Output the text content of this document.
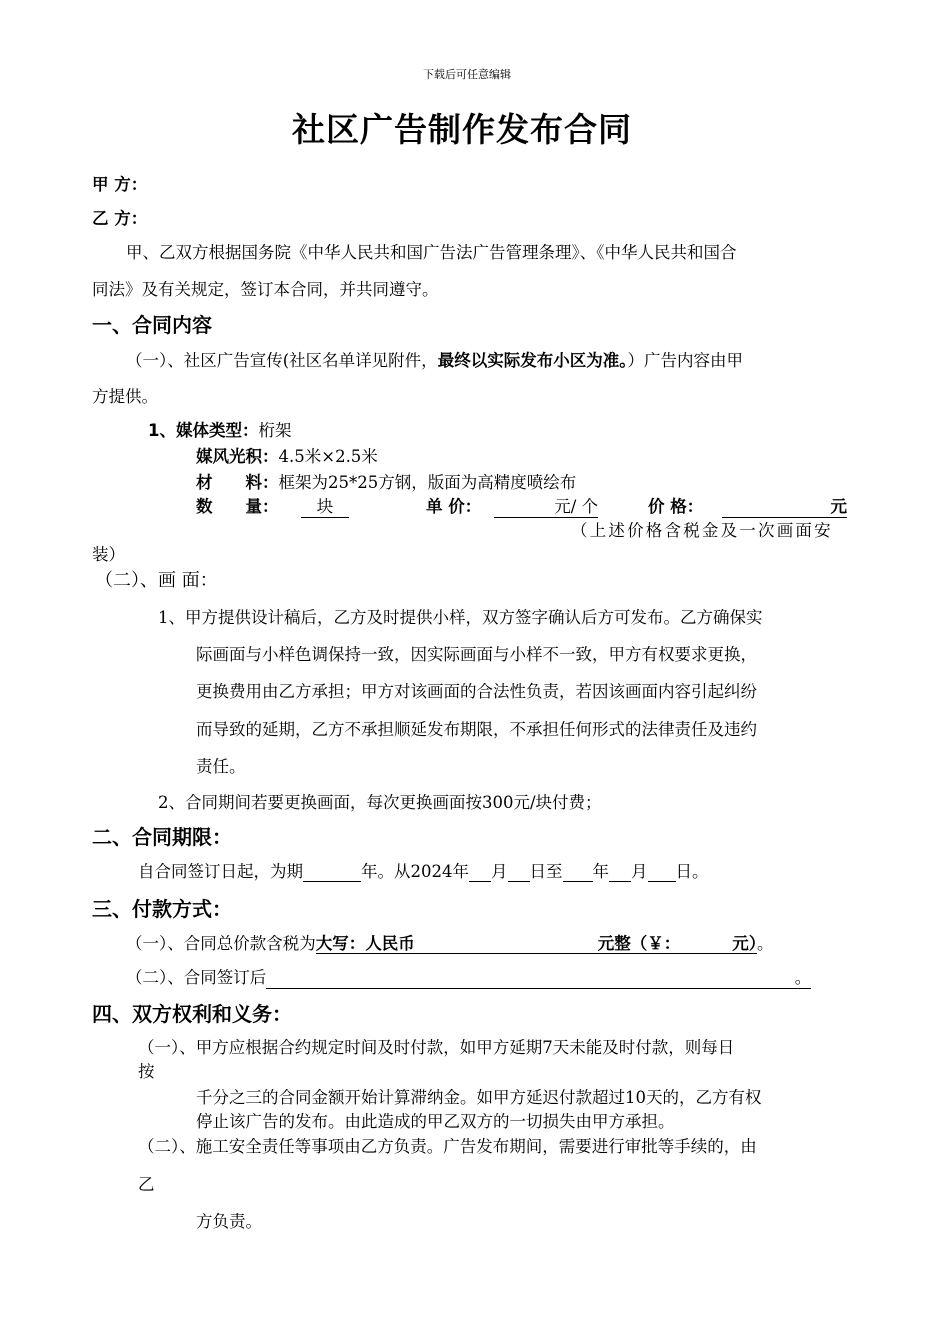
下载后可任意编辑
社区广告制作发布合同
甲 方：
乙 方：
甲、乙双方根据国务院《中华人民共和国广告法广告管理条理》、《中华人民共和国合
同法》及有关规定，签订本合同，并共同遵守。
一、合同内容
（一）、社区广告宣传(社区名单详见附件，最终以实际发布小区为准。）广告内容由甲
方提供。
1、媒体类型：桁架
媒风光积：4.5米×2.5米
材　　料：框架为25*25方钢，版面为高精度喷绘布
数　　量：	块	单 价：	元/ 个	价 格：	元
（上述价格含税金及一次画面安
装）
（二）、画 面：
1、甲方提供设计稿后，乙方及时提供小样，双方签字确认后方可发布。乙方确保实
际画面与小样色调保持一致，因实际画面与小样不一致，甲方有权要求更换，
更换费用由乙方承担；甲方对该画面的合法性负责，若因该画面内容引起纠纷
而导致的延期，乙方不承担顺延发布期限，不承担任何形式的法律责任及违约
责任。
2、合同期间若要更换画面，每次更换画面按300元/块付费；
二、合同期限：
自合同签订日起，为期	年。从2024年 月 日至 年 月 日。
三、付款方式：
（一）、合同总价款含税为大写：人民币	元整（￥：	元）。
（二）、合同签订后	。
四、双方权利和义务：
（一）、甲方应根据合约规定时间及时付款，如甲方延期7天未能及时付款，则每日
按
千分之三的合同金额开始计算滞纳金。如甲方延迟付款超过10天的，乙方有权
停止该广告的发布。由此造成的甲乙双方的一切损失由甲方承担。
（二）、施工安全责任等事项由乙方负责。广告发布期间，需要进行审批等手续的，由
乙
方负责。
